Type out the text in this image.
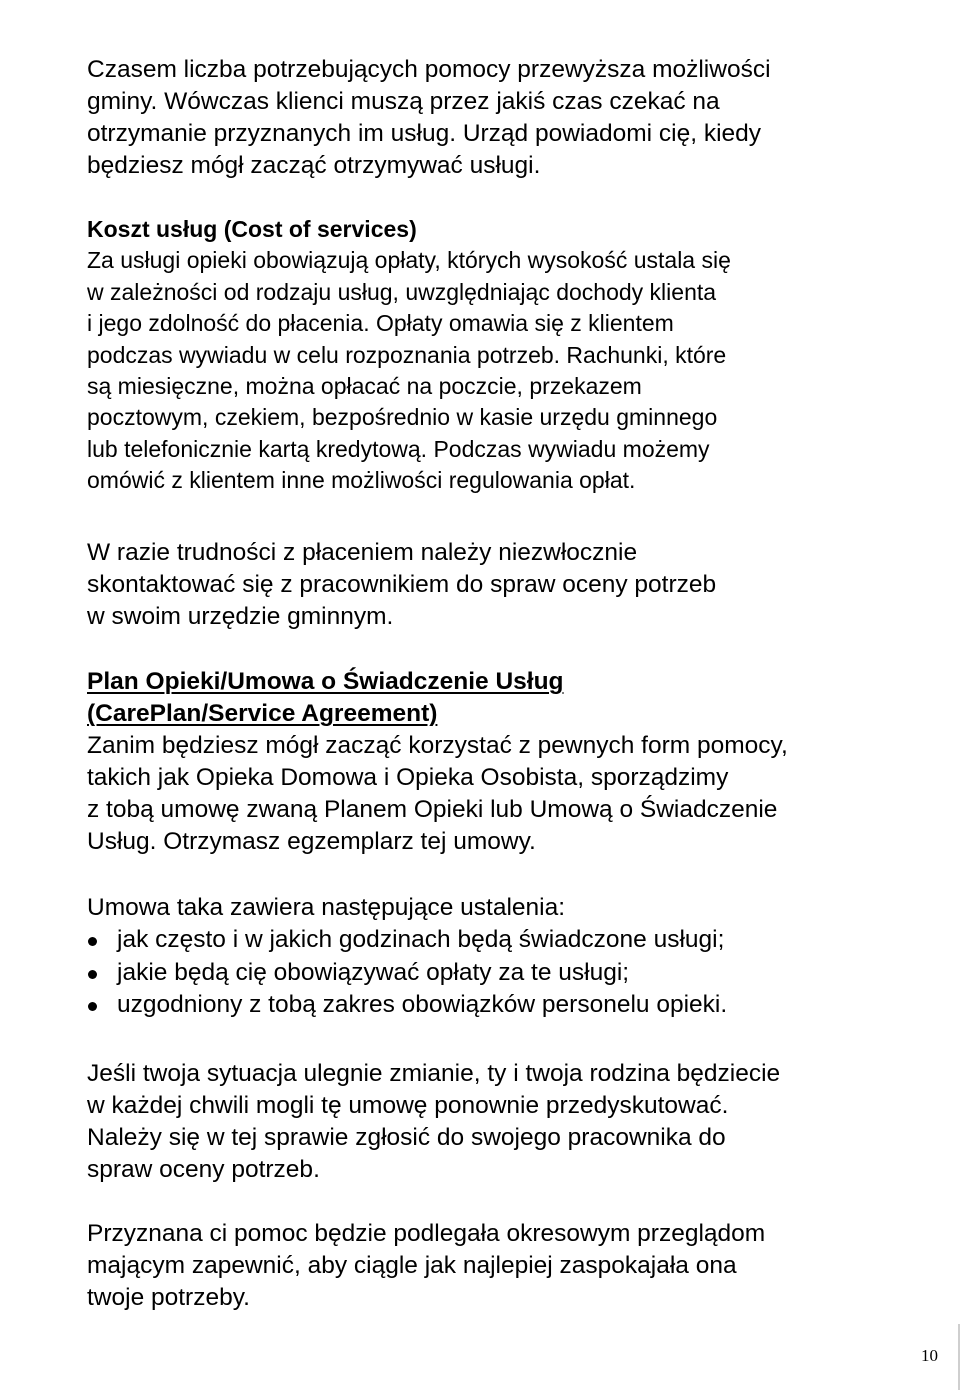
Czasem liczba potrzebujących pomocy przewyższa możliwości
gminy. Wówczas klienci muszą przez jakiś czas czekać na
otrzymanie przyznanych im usług. Urząd powiadomi cię, kiedy
będziesz mógł zacząć otrzymywać usługi.
Koszt usług (Cost of services)
Za usługi opieki obowiązują opłaty, których wysokość ustala się
w zależności od rodzaju usług, uwzględniając dochody klienta
i jego zdolność do płacenia. Opłaty omawia się z klientem
podczas wywiadu w celu rozpoznania potrzeb. Rachunki, które
są miesięczne, można opłacać na poczcie, przekazem
pocztowym, czekiem, bezpośrednio w kasie urzędu gminnego
lub telefonicznie kartą kredytową. Podczas wywiadu możemy
omówić z klientem inne możliwości regulowania opłat.
W razie trudności z płaceniem należy niezwłocznie
skontaktować się z pracownikiem do spraw oceny potrzeb
w swoim urzędzie gminnym.
Plan Opieki/Umowa o Świadczenie Usług
(CarePlan/Service Agreement)
Zanim będziesz mógł zacząć korzystać z pewnych form pomocy,
takich jak Opieka Domowa i Opieka Osobista, sporządzimy
z tobą umowę zwaną Planem Opieki lub Umową o Świadczenie
Usług. Otrzymasz egzemplarz tej umowy.
Umowa taka zawiera następujące ustalenia:
jak często i w jakich godzinach będą świadczone usługi;
jakie będą cię obowiązywać opłaty za te usługi;
uzgodniony z tobą zakres obowiązków personelu opieki.
Jeśli twoja sytuacja ulegnie zmianie, ty i twoja rodzina będziecie
w każdej chwili mogli tę umowę ponownie przedyskutować.
Należy się w tej sprawie zgłosić do swojego pracownika do
spraw oceny potrzeb.
Przyznana ci pomoc będzie podlegała okresowym przeglądom
mającym zapewnić, aby ciągle jak najlepiej zaspokajała ona
twoje potrzeby.
10
